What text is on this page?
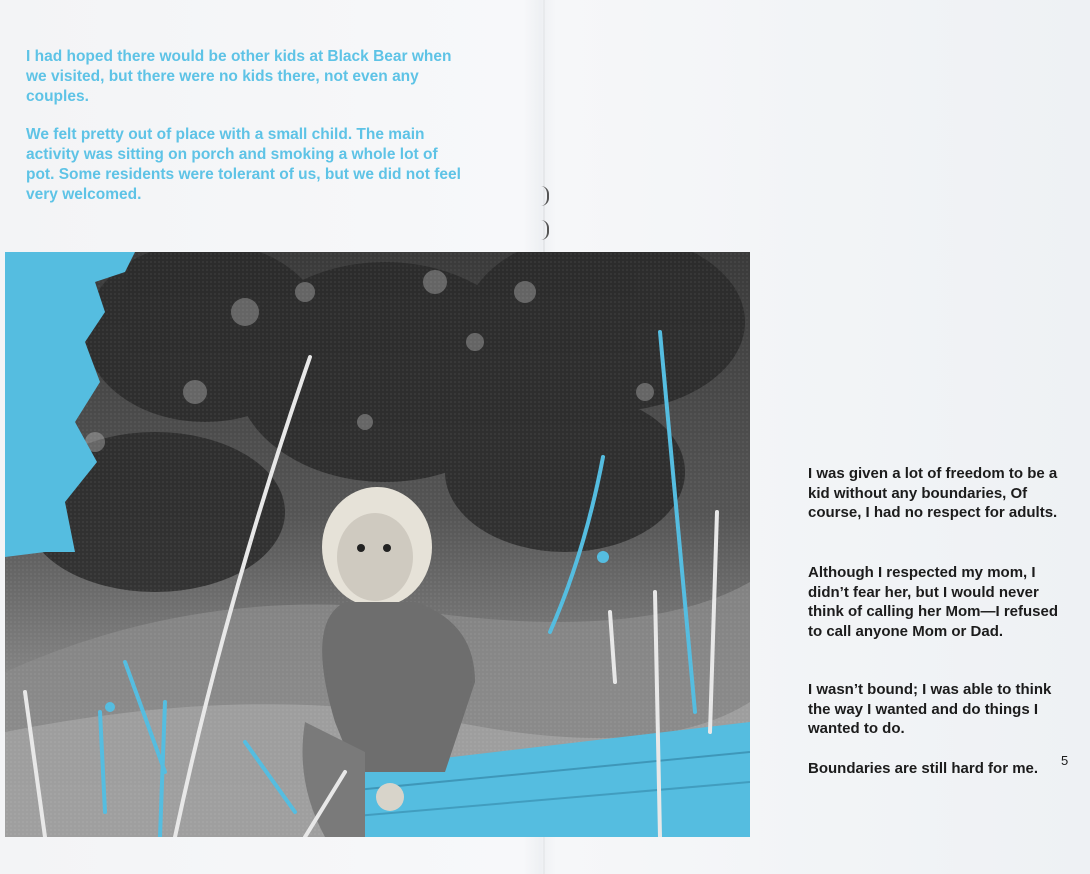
I had hoped there would be other kids at Black Bear when we visited, but there were no kids there, not even any couples.

We felt pretty out of place with a small child. The main activity was sitting on porch and smoking a whole lot of pot. Some residents were tolerant of us, but we did not feel very welcomed.

I was given a lot of freedom to be a kid without any boundaries, Of course, I had no respect for adults.

Although I respected my mom, I didn’t fear her, but I would never think of calling her Mom—I refused to call anyone Mom or Dad.

I wasn’t bound; I was able to think the way I wanted and do things I wanted to do.

Boundaries are still hard for me.	5
